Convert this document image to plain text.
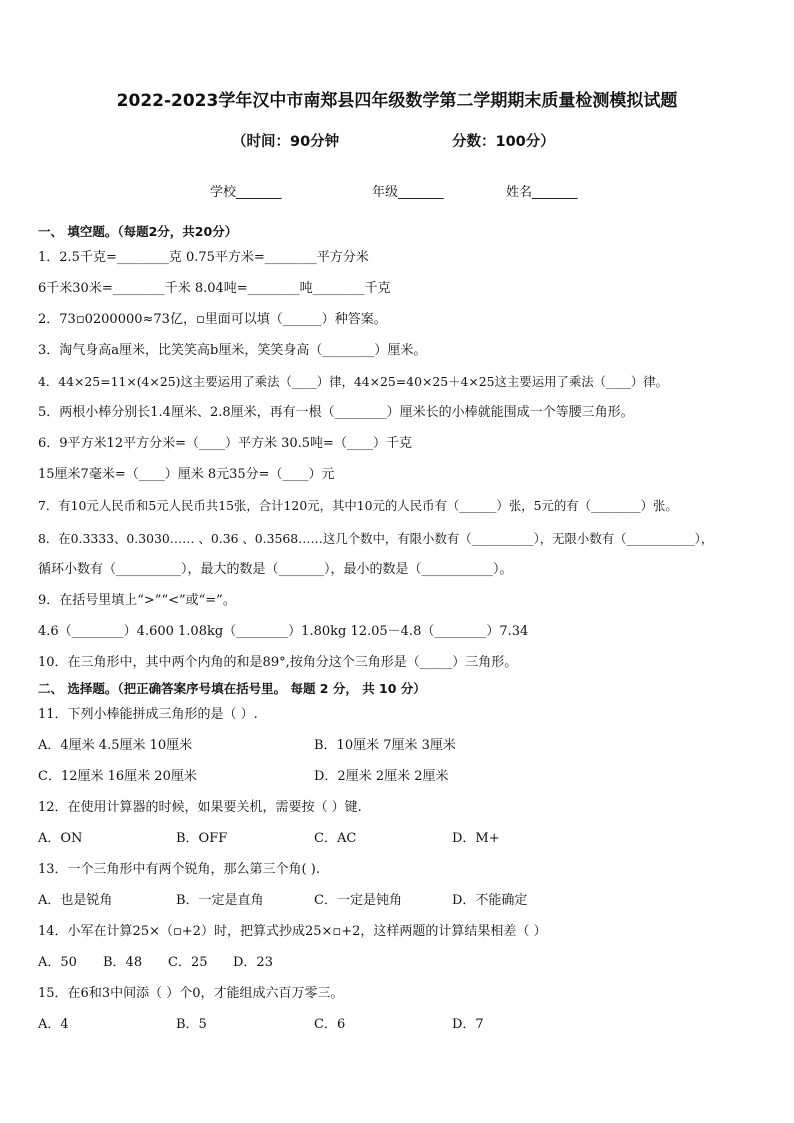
2022-2023学年汉中市南郑县四年级数学第二学期期末质量检测模拟试题
（时间：90分钟	分数：100分）
学校_______	年级_______	姓名_______
一、 填空题。（每题2分，共20分）
1．2.5千克=________克 0.75平方米=________平方分米
6千米30米=________千米 8.04吨=________吨________千克
2．73▫0200000≈73亿，▫里面可以填（______）种答案。
3．淘气身高a厘米，比笑笑高b厘米，笑笑身高（________）厘米。
4．44×25=11×(4×25)这主要运用了乘法（____）律，44×25=40×25＋4×25这主要运用了乘法（____）律。
5．两根小棒分别长1.4厘米、2.8厘米，再有一根（________）厘米长的小棒就能围成一个等腰三角形。
6．9平方米12平方分米=（____）平方米 30.5吨=（____）千克
15厘米7毫米=（____）厘米 8元35分=（____）元
7．有10元人民币和5元人民币共15张，合计120元，其中10元的人民币有（______）张，5元的有（________）张。
8．在0.3333、0.3030…… 、0.36 、0.3568……这几个数中，有限小数有（__________），无限小数有（___________），
循环小数有（__________），最大的数是（_______），最小的数是（___________）。
9．在括号里填上“>”“<”或“=”。
4.6（________）4.600 1.08kg（________）1.80kg 12.05－4.8（________）7.34
10．在三角形中，其中两个内角的和是89°,按角分这个三角形是（_____）三角形。
二、 选择题。（把正确答案序号填在括号里。 每题 2 分， 共 10 分）
11．下列小棒能拼成三角形的是（ ）.
A．4厘米 4.5厘米 10厘米	B．10厘米 7厘米 3厘米
C．12厘米 16厘米 20厘米	D．2厘米 2厘米 2厘米
12．在使用计算器的时候，如果要关机，需要按（ ）键.
A．ON	B．OFF	C．AC	D．M+
13．一个三角形中有两个锐角，那么第三个角( ).
A．也是锐角	B．一定是直角	C．一定是钝角	D．不能确定
14．小军在计算25×（▫+2）时，把算式抄成25×▫+2，这样两题的计算结果相差（ ）
A．50 B．48 C．25 D．23
15．在6和3中间添（ ）个0，才能组成六百万零三。
A．4	B．5	C．6	D．7
